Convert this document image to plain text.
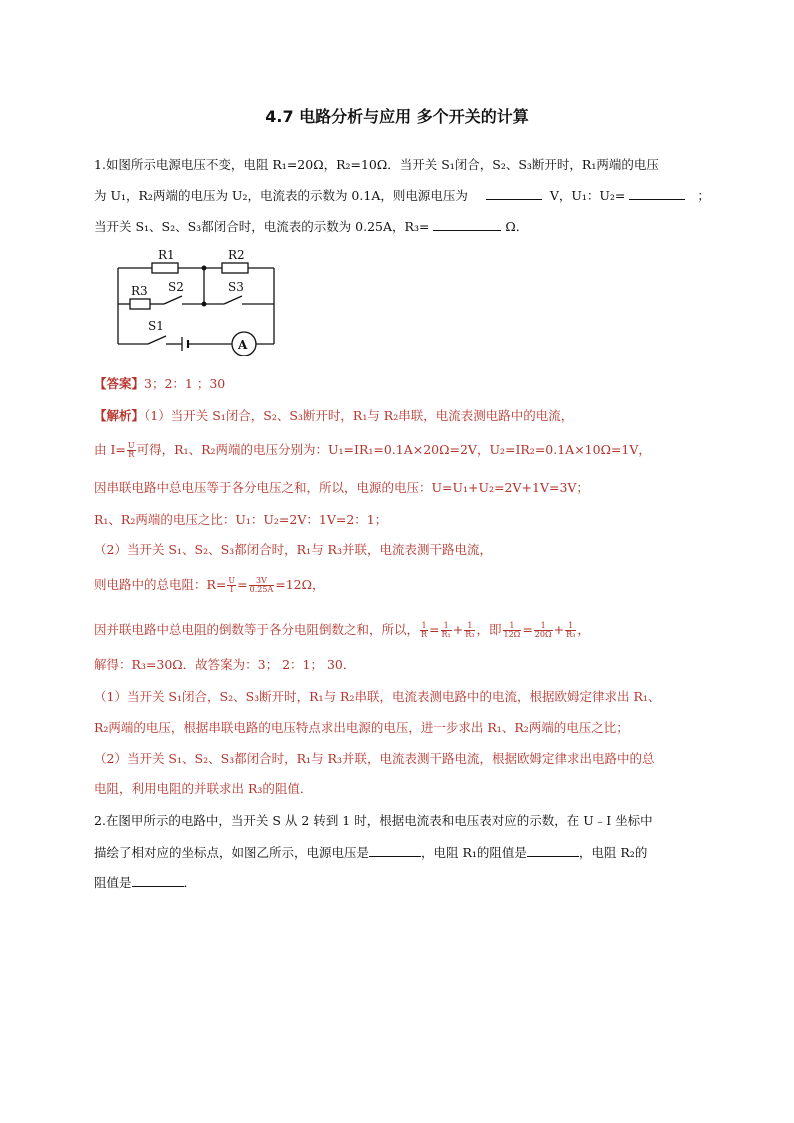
4.7 电路分析与应用 多个开关的计算
1.如图所示电源电压不变，电阻 R₁=20Ω，R₂=10Ω．当开关 S₁闭合，S₂、S₃断开时，R₁两端的电压
为 U₁，R₂两端的电压为 U₂，电流表的示数为 0.1A，则电源电压为	V，U₁：U₂=	；
当开关 S₁、S₂、S₃都闭合时，电流表的示数为 0.25A，R₃=	Ω．
R1	R2
R3 S2	S3
S1
A
【答案】3；2：1 ；30
【解析】（1）当开关 S₁闭合，S₂、S₃断开时，R₁与 R₂串联，电流表测电路中的电流，
由 $I= \frac{U}{R}$ 可得，R₁、R₂两端的电压分别为：U₁=IR₁=0.1A×20Ω=2V，U₂=IR₂=0.1A×10Ω=1V，
因串联电路中总电压等于各分电压之和，所以，电源的电压：U=U₁+U₂=2V+1V=3V；
R₁、R₂两端的电压之比：U₁：U₂=2V：1V=2：1；
（2）当开关 S₁、S₂、S₃都闭合时，R₁与 R₃并联，电流表测干路电流，
则电路中的总电阻：$R= \frac{U}{I} = \frac{3V}{0.25A} =12\Omega$，
因并联电路中总电阻的倒数等于各分电阻倒数之和，所以， $\frac{1}{R} = \frac{1}{\text{R₁}} + \frac{1}{\text{R₃}}$ ，即 $\frac{1}{12\Omega} = \frac{1}{20\Omega} + \frac{1}{\text{R₃}}$ ，
解得：R₃=30Ω．故答案为：3； 2：1； 30．
（1）当开关 S₁闭合，S₂、S₃断开时，R₁与 R₂串联，电流表测电路中的电流，根据欧姆定律求出 R₁、
R₂两端的电压，根据串联电路的电压特点求出电源的电压，进一步求出 R₁、R₂两端的电压之比；
（2）当开关 S₁、S₂、S₃都闭合时，R₁与 R₃并联，电流表测干路电流，根据欧姆定律求出电路中的总
电阻，利用电阻的并联求出 R₃的阻值．
2.在图甲所示的电路中，当开关 S 从 2 转到 1 时，根据电流表和电压表对应的示数，在 U﹣I 坐标中
描绘了相对应的坐标点，如图乙所示，电源电压是	，电阻 R₁的阻值是	，电阻 R₂的
阻值是	．
